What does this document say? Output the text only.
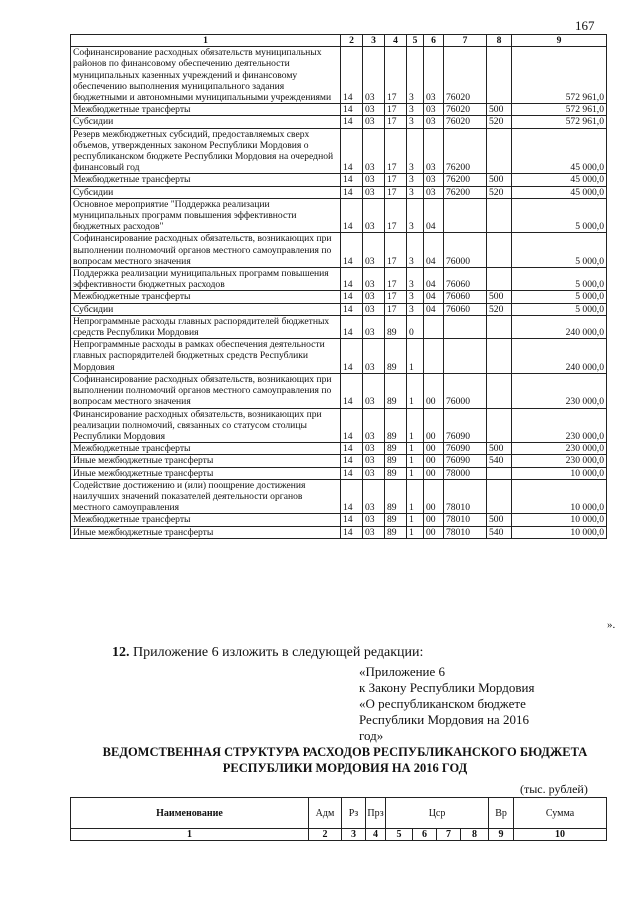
167
1	2	3	4	5	6	7	8	9
Софинансирование расходных обязательств муниципальных районов по финансовому обеспечению деятельности муниципальных казенных учреждений и финансовому обеспечению выполнения муниципального задания бюджетными и автономными муниципальными учреждениями	14	03	17	3	03	76020		572 961,0
Межбюджетные трансферты	14	03	17	3	03	76020	500	572 961,0
Субсидии	14	03	17	3	03	76020	520	572 961,0
Резерв межбюджетных субсидий, предоставляемых сверх объемов, утвержденных законом Республики Мордовия о республиканском бюджете Республики Мордовия на очередной финансовый год	14	03	17	3	03	76200		45 000,0
Межбюджетные трансферты	14	03	17	3	03	76200	500	45 000,0
Субсидии	14	03	17	3	03	76200	520	45 000,0
Основное мероприятие "Поддержка реализации муниципальных программ повышения эффективности бюджетных расходов"	14	03	17	3	04			5 000,0
Софинансирование расходных обязательств, возникающих при выполнении полномочий органов местного самоуправления по вопросам местного значения	14	03	17	3	04	76000		5 000,0
Поддержка реализации муниципальных программ повышения эффективности бюджетных расходов	14	03	17	3	04	76060		5 000,0
Межбюджетные трансферты	14	03	17	3	04	76060	500	5 000,0
Субсидии	14	03	17	3	04	76060	520	5 000,0
Непрограммные расходы главных распорядителей бюджетных средств Республики Мордовия	14	03	89	0				240 000,0
Непрограммные расходы в рамках обеспечения деятельности главных распорядителей бюджетных средств Республики Мордовия	14	03	89	1				240 000,0
Софинансирование расходных обязательств, возникающих при выполнении полномочий органов местного самоуправления по вопросам местного значения	14	03	89	1	00	76000		230 000,0
Финансирование расходных обязательств, возникающих при реализации полномочий, связанных со статусом столицы Республики Мордовия	14	03	89	1	00	76090		230 000,0
Межбюджетные трансферты	14	03	89	1	00	76090	500	230 000,0
Иные межбюджетные трансферты	14	03	89	1	00	76090	540	230 000,0
Иные межбюджетные трансферты	14	03	89	1	00	78000		10 000,0
Содействие достижению и (или) поощрение достижения наилучших значений показателей деятельности органов местного самоуправления	14	03	89	1	00	78010		10 000,0
Межбюджетные трансферты	14	03	89	1	00	78010	500	10 000,0
Иные межбюджетные трансферты	14	03	89	1	00	78010	540	10 000,0
».
12. Приложение 6 изложить в следующей редакции:
«Приложение 6
к Закону Республики Мордовия
«О республиканском бюджете
Республики Мордовия на 2016
год»
ВЕДОМСТВЕННАЯ СТРУКТУРА РАСХОДОВ РЕСПУБЛИКАНСКОГО БЮДЖЕТА
РЕСПУБЛИКИ МОРДОВИЯ НА 2016 ГОД
(тыс. рублей)
Наименование	Адм	Рз	Прз	Цср				Вр	Сумма
1	2	3	4	5	6	7	8	9	10
